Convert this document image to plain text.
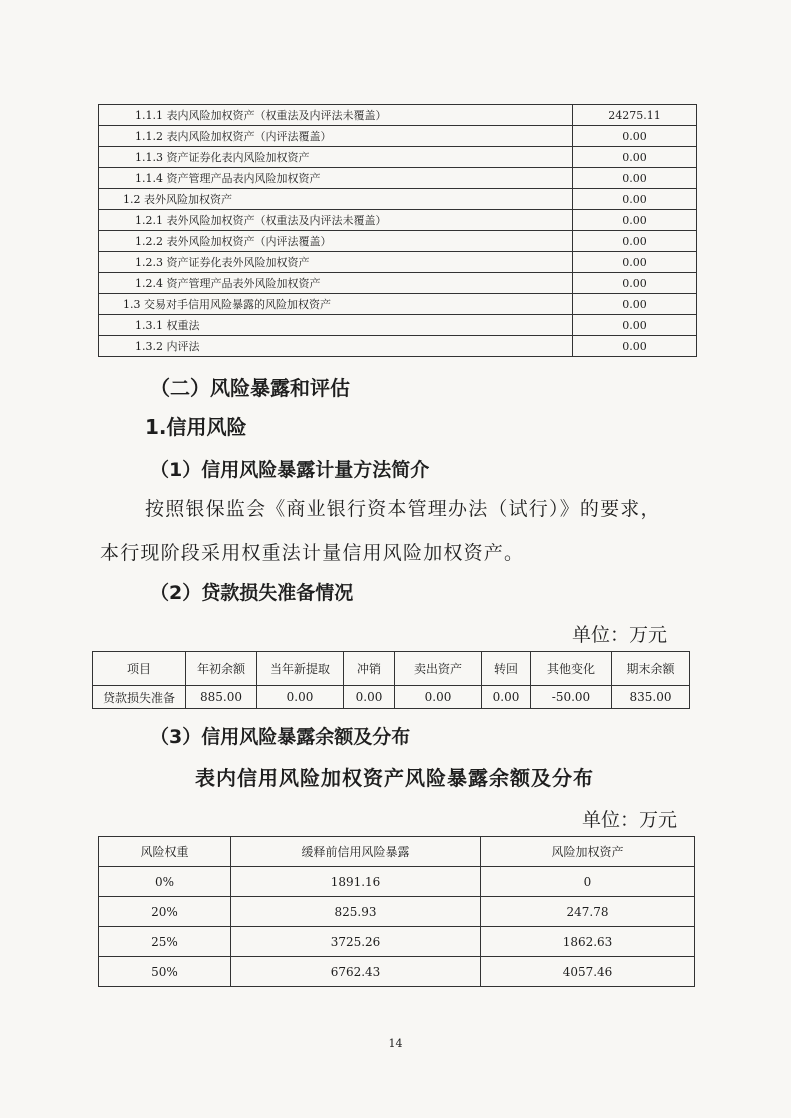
1.1.1 表内风险加权资产（权重法及内评法未覆盖）	24275.11
1.1.2 表内风险加权资产（内评法覆盖）	0.00
1.1.3 资产证券化表内风险加权资产	0.00
1.1.4 资产管理产品表内风险加权资产	0.00
1.2 表外风险加权资产	0.00
1.2.1 表外风险加权资产（权重法及内评法未覆盖）	0.00
1.2.2 表外风险加权资产（内评法覆盖）	0.00
1.2.3 资产证券化表外风险加权资产	0.00
1.2.4 资产管理产品表外风险加权资产	0.00
1.3 交易对手信用风险暴露的风险加权资产	0.00
1.3.1 权重法	0.00
1.3.2 内评法	0.00
（二）风险暴露和评估
1.信用风险
（1）信用风险暴露计量方法简介
按照银保监会《商业银行资本管理办法（试行）》的要求，
本行现阶段采用权重法计量信用风险加权资产。
（2）贷款损失准备情况
单位：万元
项目	年初余额	当年新提取	冲销	卖出资产	转回	其他变化	期末余额
贷款损失准备	885.00	0.00	0.00	0.00	0.00	-50.00	835.00
（3）信用风险暴露余额及分布
表内信用风险加权资产风险暴露余额及分布
单位：万元
风险权重	缓释前信用风险暴露	风险加权资产
0%	1891.16	0
20%	825.93	247.78
25%	3725.26	1862.63
50%	6762.43	4057.46
14
